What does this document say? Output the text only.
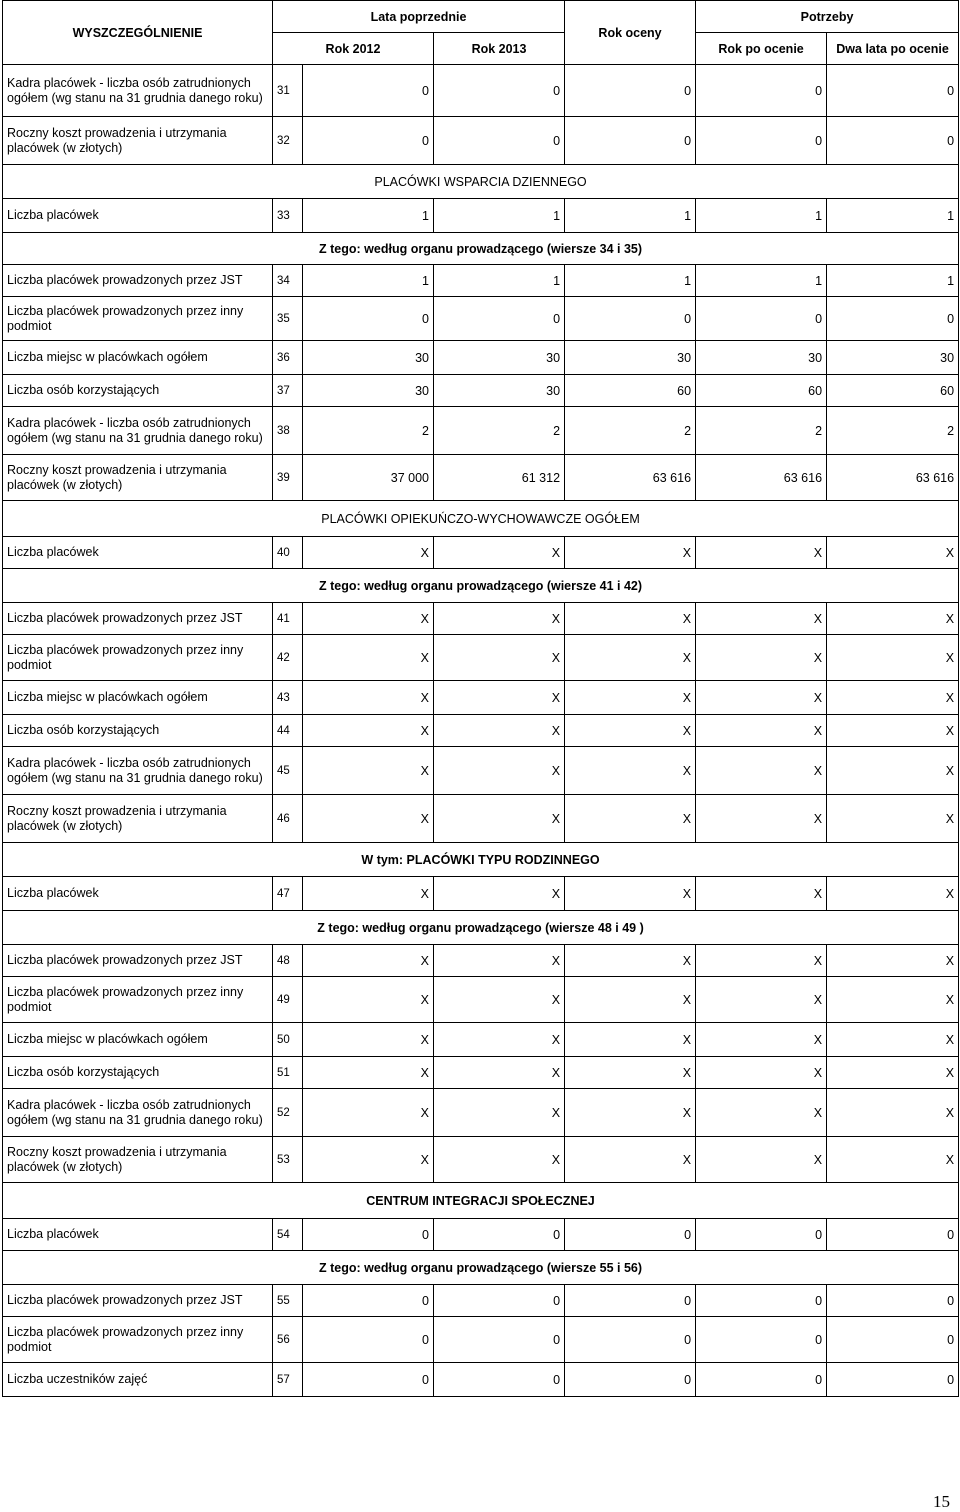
WYSZCZEGÓLNIENIE	Lata poprzednie			Rok oceny	Potrzeby	
	Rok 2012		Rok 2013		Rok po ocenie	Dwa lata po ocenie
Kadra placówek - liczba osób zatrudnionych ogółem (wg stanu na 31 grudnia danego roku)	31	0	0	0	0	0
Roczny koszt prowadzenia i utrzymania placówek (w złotych)	32	0	0	0	0	0
PLACÓWKI WSPARCIA DZIENNEGO						
Liczba placówek	33	1	1	1	1	1
Z tego: według organu prowadzącego (wiersze 34 i 35)						
Liczba placówek prowadzonych przez JST	34	1	1	1	1	1
Liczba placówek prowadzonych przez inny podmiot	35	0	0	0	0	0
Liczba miejsc w placówkach ogółem	36	30	30	30	30	30
Liczba osób korzystających	37	30	30	60	60	60
Kadra placówek - liczba osób zatrudnionych ogółem (wg stanu na 31 grudnia danego roku)	38	2	2	2	2	2
Roczny koszt prowadzenia i utrzymania placówek (w złotych)	39	37 000	61 312	63 616	63 616	63 616
PLACÓWKI OPIEKUŃCZO-WYCHOWAWCZE OGÓŁEM						
Liczba placówek	40	X	X	X	X	X
Z tego: według organu prowadzącego (wiersze 41 i 42)						
Liczba placówek prowadzonych przez JST	41	X	X	X	X	X
Liczba placówek prowadzonych przez inny podmiot	42	X	X	X	X	X
Liczba miejsc w placówkach ogółem	43	X	X	X	X	X
Liczba osób korzystających	44	X	X	X	X	X
Kadra placówek - liczba osób zatrudnionych ogółem (wg stanu na 31 grudnia danego roku)	45	X	X	X	X	X
Roczny koszt prowadzenia i utrzymania placówek (w złotych)	46	X	X	X	X	X
W tym: PLACÓWKI TYPU RODZINNEGO						
Liczba placówek	47	X	X	X	X	X
Z tego: według organu prowadzącego (wiersze 48 i 49 )						
Liczba placówek prowadzonych przez JST	48	X	X	X	X	X
Liczba placówek prowadzonych przez inny podmiot	49	X	X	X	X	X
Liczba miejsc w placówkach ogółem	50	X	X	X	X	X
Liczba osób korzystających	51	X	X	X	X	X
Kadra placówek - liczba osób zatrudnionych ogółem (wg stanu na 31 grudnia danego roku)	52	X	X	X	X	X
Roczny koszt prowadzenia i utrzymania placówek (w złotych)	53	X	X	X	X	X
CENTRUM INTEGRACJI SPOŁECZNEJ						
Liczba placówek	54	0	0	0	0	0
Z tego: według organu prowadzącego (wiersze 55 i 56)						
Liczba placówek prowadzonych przez JST	55	0	0	0	0	0
Liczba placówek prowadzonych przez inny podmiot	56	0	0	0	0	0
Liczba uczestników zajęć	57	0	0	0	0	0
15
